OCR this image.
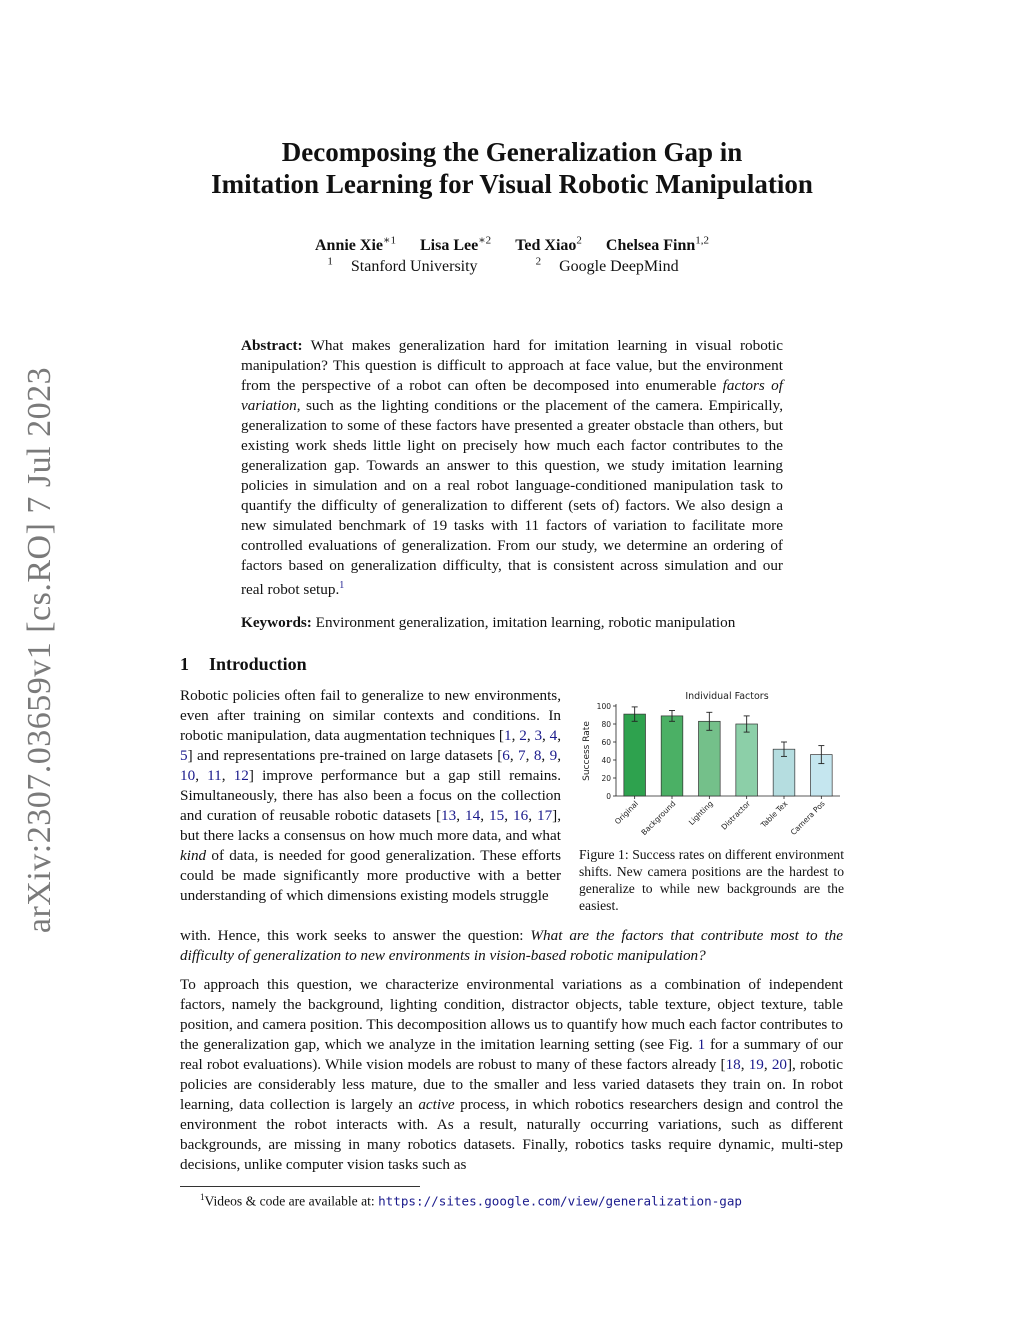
arXiv:2307.03659v1 [cs.RO] 7 Jul 2023
Decomposing the Generalization Gap in
Imitation Learning for Visual Robotic Manipulation
Annie Xie$^{∗1}$ Lisa Lee$^{∗2}$ Ted Xiao$^2$ Chelsea Finn$^{1,2}$
$^1$ Stanford University	$^2$ Google DeepMind
Abstract: What makes generalization hard for imitation learning in visual robotic manipulation? This question is difficult to approach at face value, but the environment from the perspective of a robot can often be decomposed into enumerable factors of variation, such as the lighting conditions or the placement of the camera. Empirically, generalization to some of these factors have presented a greater obstacle than others, but existing work sheds little light on precisely how much each factor contributes to the generalization gap. Towards an answer to this question, we study imitation learning policies in simulation and on a real robot language-conditioned manipulation task to quantify the difficulty of generalization to different (sets of) factors. We also design a new simulated benchmark of 19 tasks with 11 factors of variation to facilitate more controlled evaluations of generalization. From our study, we determine an ordering of factors based on generalization difficulty, that is consistent across simulation and our real robot setup.$^1$
Keywords: Environment generalization, imitation learning, robotic manipulation
1 Introduction
Robotic policies often fail to generalize to new environments, even after training on similar contexts and conditions. In robotic manipulation, data augmentation techniques [1, 2, 3, 4, 5] and representations pre-trained on large datasets [6, 7, 8, 9, 10, 11, 12] improve performance but a gap still remains. Simultaneously, there has also been a focus on the collection and curation of reusable robotic datasets [13, 14, 15, 16, 17], but there lacks a consensus on how much more data, and what kind of data, is needed for good generalization. These efforts could be made significantly more productive with a better understanding of which dimensions existing models struggle
with. Hence, this work seeks to answer the question: What are the factors that contribute most to the difficulty of generalization to new environments in vision-based robotic manipulation?
Individual Factors
Success Rate
0
20
40
60
80
100
Original Background Lighting Distractor Table Tex Camera Pos
Figure 1: Success rates on different environment shifts. New camera positions are the hardest to generalize to while new backgrounds are the easiest.
To approach this question, we characterize environmental variations as a combination of independent factors, namely the background, lighting condition, distractor objects, table texture, object texture, table position, and camera position. This decomposition allows us to quantify how much each factor contributes to the generalization gap, which we analyze in the imitation learning setting (see Fig. 1 for a summary of our real robot evaluations). While vision models are robust to many of these factors already [18, 19, 20], robotic policies are considerably less mature, due to the smaller and less varied datasets they train on. In robot learning, data collection is largely an active process, in which robotics researchers design and control the environment the robot interacts with. As a result, naturally occurring variations, such as different backgrounds, are missing in many robotics datasets. Finally, robotics tasks require dynamic, multi-step decisions, unlike computer vision tasks such as
$^1$Videos & code are available at: https://sites.google.com/view/generalization-gap
